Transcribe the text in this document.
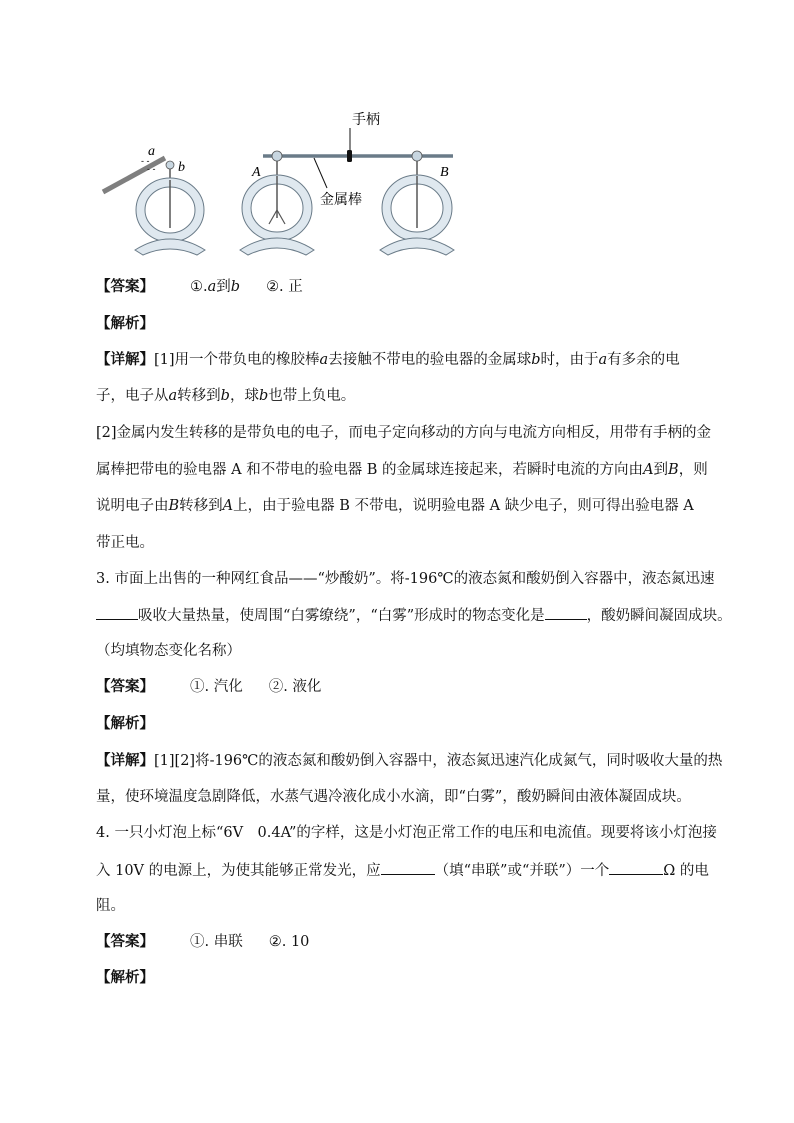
a
- -
- - b
手柄
金属棒
A	B
【答案】 ①.a到b ②. 正
【解析】
【详解】[1]用一个带负电的橡胶棒a去接触不带电的验电器的金属球b时，由于a有多余的电
子，电子从a转移到b，球b也带上负电。
[2]金属内发生转移的是带负电的电子，而电子定向移动的方向与电流方向相反，用带有手柄的金
属棒把带电的验电器 A 和不带电的验电器 B 的金属球连接起来，若瞬时电流的方向由A到B，则
说明电子由B转移到A上，由于验电器 B 不带电，说明验电器 A 缺少电子，则可得出验电器 A
带正电。
3. 市面上出售的一种网红食品——“炒酸奶”。将-196℃的液态氮和酸奶倒入容器中，液态氮迅速
吸收大量热量，使周围“白雾缭绕”，“白雾”形成时的物态变化是	，酸奶瞬间凝固成块。
（均填物态变化名称）
【答案】 ①. 汽化 ②. 液化
【解析】
【详解】[1][2]将-196℃的液态氮和酸奶倒入容器中，液态氮迅速汽化成氮气，同时吸收大量的热
量，使环境温度急剧降低，水蒸气遇冷液化成小水滴，即“白雾”，酸奶瞬间由液体凝固成块。
4. 一只小灯泡上标“6V　0.4A”的字样，这是小灯泡正常工作的电压和电流值。现要将该小灯泡接
入 10V 的电源上，为使其能够正常发光，应	（填“串联”或“并联”）一个	Ω 的电
阻。
【答案】 ①. 串联 ②. 10
【解析】
